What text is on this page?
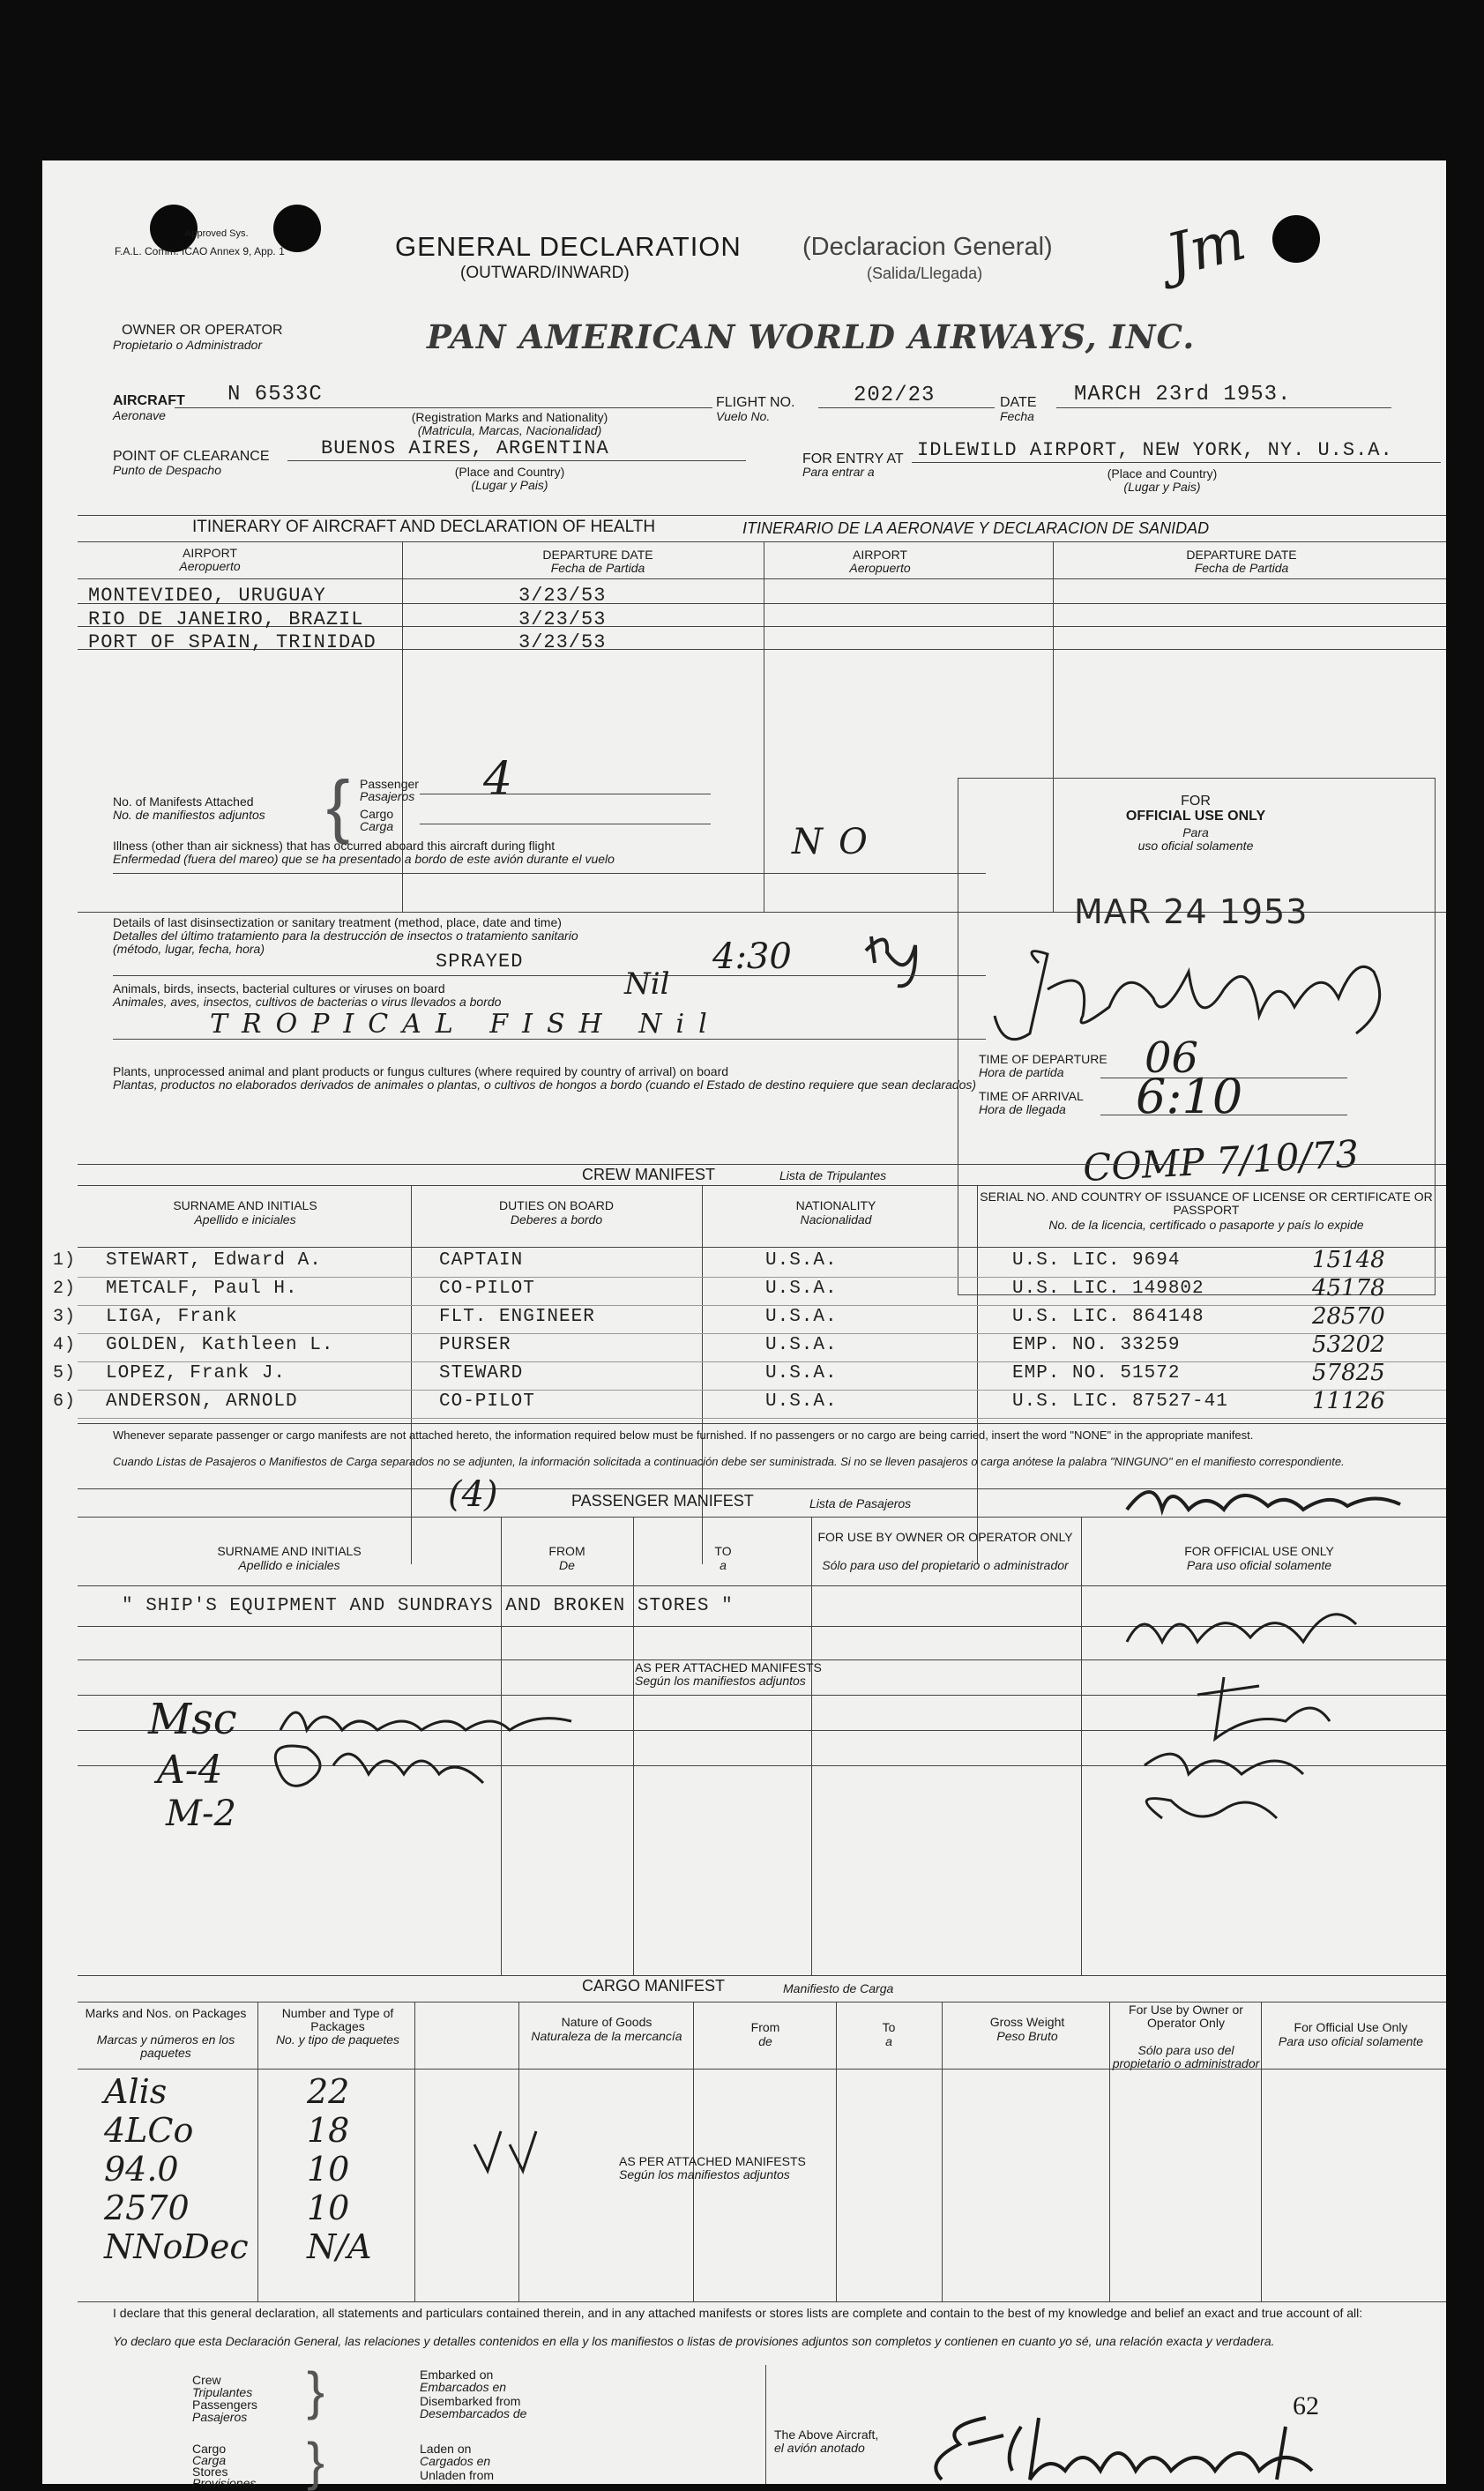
Approved Sys.
F.A.L. Comm. ICAO Annex 9, App. 1	GENERAL DECLARATION
(OUTWARD/INWARD)
(Declaracion General)
(Salida/Llegada)	Jm
OWNER OR OPERATOR
Propietario o Administrador	PAN AMERICAN WORLD AIRWAYS, INC.
AIRCRAFT
Aeronave
N 6533C
(Registration Marks and Nationality)
(Matricula, Marcas, Nacionalidad)
FLIGHT NO.
Vuelo No.
202/23	DATE
Fecha
MARCH 23rd 1953.
POINT OF CLEARANCE
Punto de Despacho
BUENOS AIRES, ARGENTINA
(Place and Country)
(Lugar y Pais)
FOR ENTRY AT
Para entrar a
IDLEWILD AIRPORT, NEW YORK, NY. U.S.A.
(Place and Country)
(Lugar y Pais)
ITINERARY OF AIRCRAFT AND DECLARATION OF HEALTH	ITINERARIO DE LA AERONAVE Y DECLARACION DE SANIDAD
AIRPORT
Aeropuerto
DEPARTURE DATE
Fecha de Partida
AIRPORT
Aeropuerto
DEPARTURE DATE
Fecha de Partida
MONTEVIDEO, URUGUAY	3/23/53
RIO DE JANEIRO, BRAZIL	3/23/53
PORT OF SPAIN, TRINIDAD	3/23/53
No. of Manifests Attached
No. de manifiestos adjuntos { Passenger
Pasajeros 4
Cargo
Carga
Illness (other than air sickness) that has occurred aboard this aircraft during flight
Enfermedad (fuera del mareo) que se ha presentado a bordo de este avión durante el vuelo	NO
Details of last disinsectization or sanitary treatment (method, place, date and time)
Detalles del último tratamiento para la destrucción de insectos o tratamiento sanitario
(método, lugar, fecha, hora)
SPRAYED	4:30
Animals, birds, insects, bacterial cultures or viruses on board	Nil
Animales, aves, insectos, cultivos de bacterias o virus llevados a bordo
TROPICAL FISH Nil
Plants, unprocessed animal and plant products or fungus cultures (where required by country of arrival) on board
Plantas, productos no elaborados derivados de animales o plantas, o cultivos de hongos a bordo (cuando el Estado de destino requiere que sean declarados)
FOR
OFFICIAL USE ONLY
Para
uso oficial solamente
MAR 24 1953
TIME OF DEPARTURE
Hora de partida 06
TIME OF ARRIVAL
Hora de llegada 6:10
COMP 7/10/73
CREW MANIFEST	Lista de Tripulantes
SURNAME AND INITIALS
Apellido e iniciales
DUTIES ON BOARD
Deberes a bordo
NATIONALITY
Nacionalidad
SERIAL NO. AND COUNTRY OF ISSUANCE OF LICENSE OR CERTIFICATE OR PASSPORT
No. de la licencia, certificado o pasaporte y país lo expide
Whenever separate passenger or cargo manifests are not attached hereto, the information required below must be furnished. If no passengers or no cargo are being carried, insert the word "NONE" in the appropriate manifest.
Cuando Listas de Pasajeros o Manifiestos de Carga separados no se adjunten, la información solicitada a continuación debe ser suministrada. Si no se lleven pasajeros o carga anótese la palabra "NINGUNO" en el manifiesto correspondiente.
(4)	PASSENGER MANIFEST	Lista de Pasajeros
SURNAME AND INITIALS
Apellido e iniciales
FROM
De
TO
a
FOR USE BY OWNER OR OPERATOR ONLY
Sólo para uso del propietario o administrador
FOR OFFICIAL USE ONLY
Para uso oficial solamente
" SHIP'S EQUIPMENT AND SUNDRAYS AND BROKEN STORES "
AS PER ATTACHED MANIFESTS
Según los manifiestos adjuntos
Msc
A-4
M-2
CARGO MANIFEST	Manifiesto de Carga
Marks and Nos. on Packages
Marcas y números en los paquetes
Number and Type of Packages
No. y tipo de paquetes
Nature of Goods
Naturaleza de la mercancía
From
de
To
a
Gross Weight
Peso Bruto
For Use by Owner or Operator Only
Sólo para uso del propietario o administrador
For Official Use Only
Para uso oficial solamente
AS PER ATTACHED MANIFESTS
Según los manifiestos adjuntos
I declare that this general declaration, all statements and particulars contained therein, and in any attached manifests or stores lists are complete and contain to the best of my knowledge and belief an exact and true account of all:
Yo declaro que esta Declaración General, las relaciones y detalles contenidos en ella y los manifiestos o listas de provisiones adjuntos son completos y contienen en cuanto yo sé, una relación exacta y verdadera.
Crew
Tripulantes
Passengers
Pasajeros }	Embarked on
Embarcados en
Disembarked from
Desembarcados de
Cargo
Carga
Stores
Provisiones }	Laden on
Cargados en
Unladen from
The Above Aircraft,
el avión anotado
62
1) STEWART, Edward A.	CAPTAIN	U.S.A.	U.S. LIC. 9694	15148
2) METCALF, Paul H.	CO-PILOT	U.S.A.	U.S. LIC. 149802	45178
3) LIGA, Frank	FLT. ENGINEER	U.S.A.	U.S. LIC. 864148	28570
4) GOLDEN, Kathleen L.	PURSER	U.S.A.	EMP. NO. 33259	53202
5) LOPEZ, Frank J.	STEWARD	U.S.A.	EMP. NO. 51572	57825
6) ANDERSON, ARNOLD	CO-PILOT	U.S.A.	U.S. LIC. 87527-41	11126
Alis	22
4LCo	18
94.0	10
2570	10
NNoDec N/A
